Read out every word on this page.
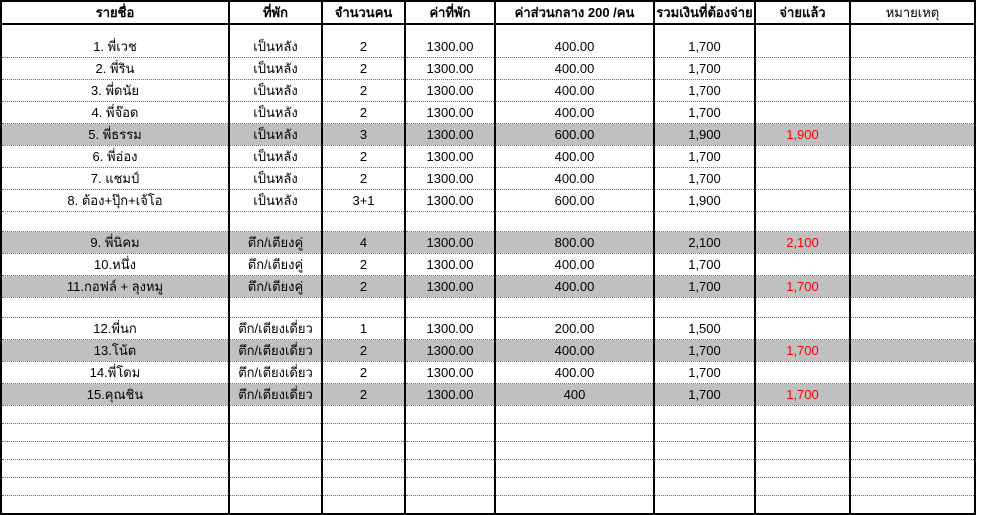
รายชื่อ	ที่พัก	จำนวนคน	ค่าที่พัก	ค่าส่วนกลาง 200 /คน	รวมเงินที่ต้องจ่าย	จ่ายแล้ว	หมายเหตุ

1. พี่เวช	เป็นหลัง	2	1300.00	400.00	1,700		
2. พี่ริน	เป็นหลัง	2	1300.00	400.00	1,700		
3. พี่ดนัย	เป็นหลัง	2	1300.00	400.00	1,700		
4. พี่จ๊อด	เป็นหลัง	2	1300.00	400.00	1,700		
5. พี่ธรรม	เป็นหลัง	3	1300.00	600.00	1,900	1,900	
6. พี่อ่อง	เป็นหลัง	2	1300.00	400.00	1,700		
7. แชมป์	เป็นหลัง	2	1300.00	400.00	1,700		
8. ต้อง+ปุ๊ก+เจ้โอ	เป็นหลัง	3+1	1300.00	600.00	1,900		

9. พี่นิคม	ตึก/เตียงคู่	4	1300.00	800.00	2,100	2,100	
10.หนึ่ง	ตึก/เตียงคู่	2	1300.00	400.00	1,700		
11.กอฟล์ + ลุงหมู	ตึก/เตียงคู่	2	1300.00	400.00	1,700	1,700	

12.พี่นก	ตึก/เตียงเดี่ยว	1	1300.00	200.00	1,500		
13.โน้ต	ตึก/เตียงเดี่ยว	2	1300.00	400.00	1,700	1,700	
14.พี่โดม	ตึก/เตียงเดี่ยว	2	1300.00	400.00	1,700		
15.คุณชิน	ตึก/เตียงเดี่ยว	2	1300.00	400	1,700	1,700	
